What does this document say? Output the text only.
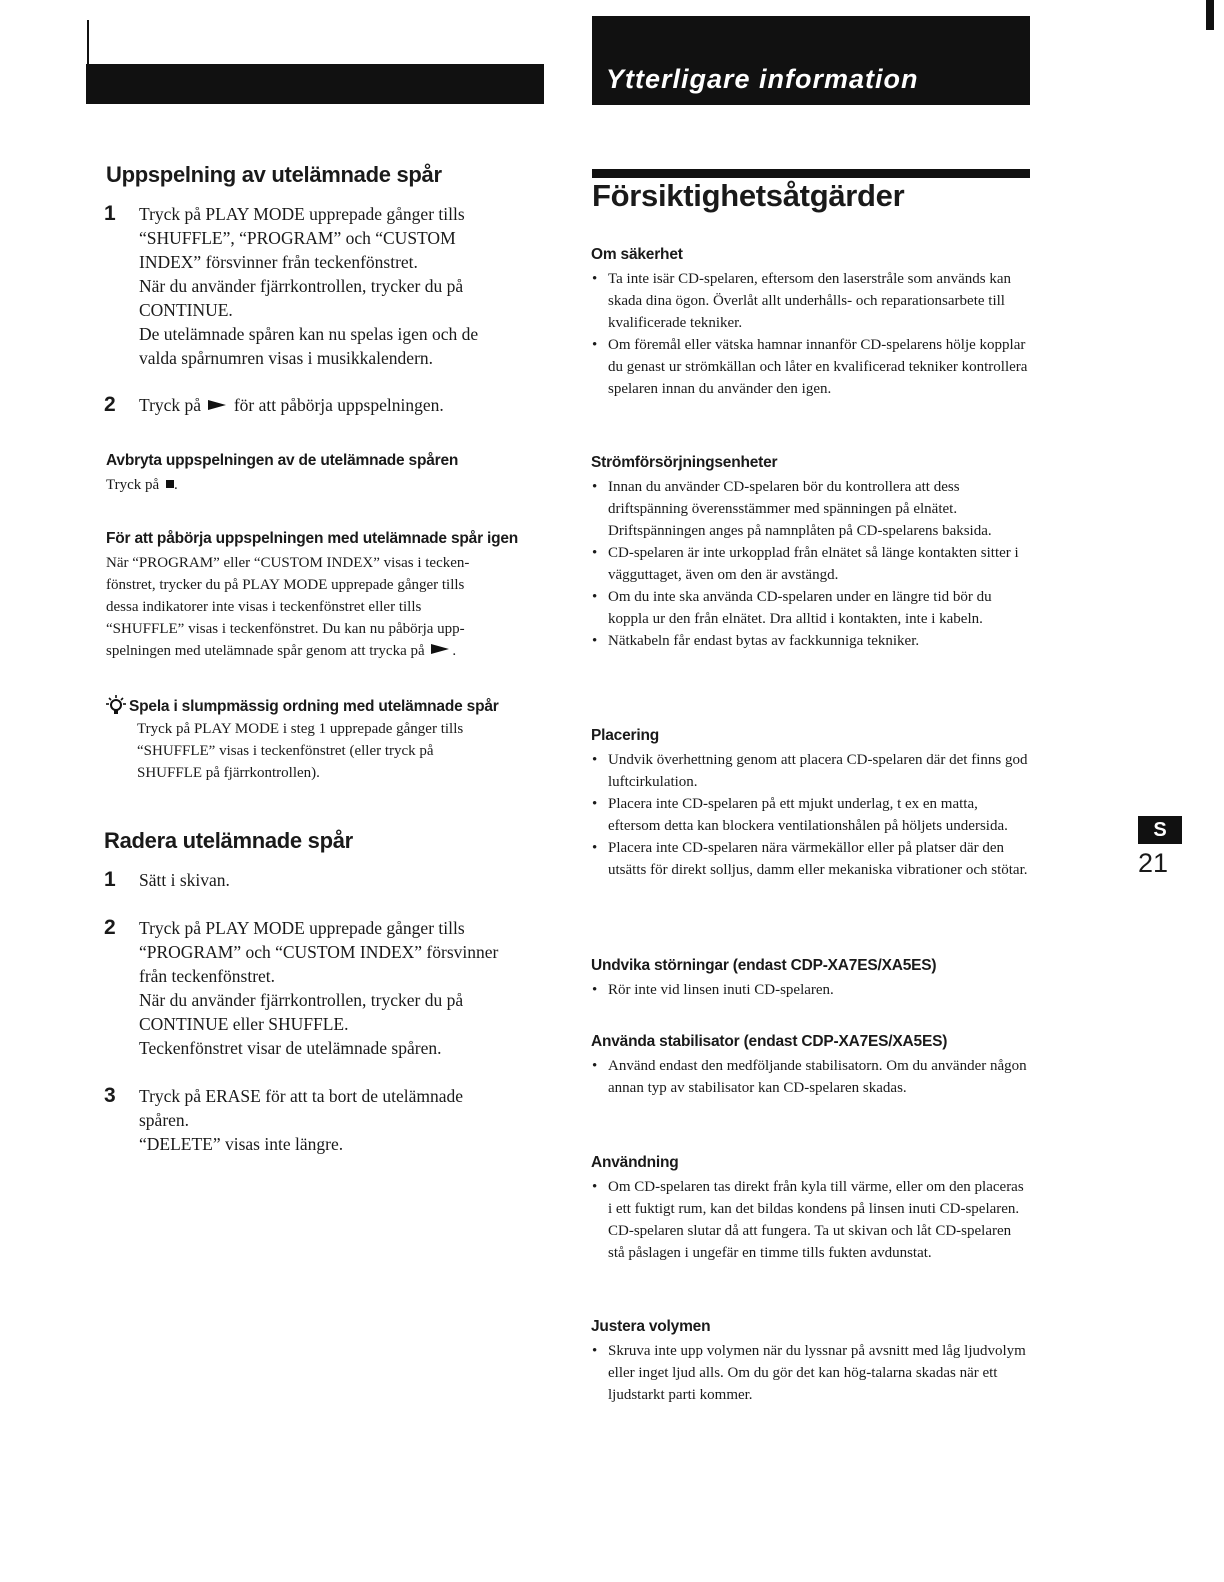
Ytterligare information
Uppspelning av utelämnade spår
1 Tryck på PLAY MODE upprepade gånger tills

“SHUFFLE”, “PROGRAM” och “CUSTOM

INDEX” försvinner från teckenfönstret.

När du använder fjärrkontrollen, trycker du på

CONTINUE.

De utelämnade spåren kan nu spelas igen och de

valda spårnumren visas i musikkalendern.

2 Tryck på för att påbörja uppspelningen.
Avbryta uppspelningen av de utelämnade spåren
Tryck på .
För att påbörja uppspelningen med utelämnade spår igen

När “PROGRAM” eller “CUSTOM INDEX” visas i tecken-

fönstret, trycker du på PLAY MODE upprepade gånger tills

dessa indikatorer inte visas i teckenfönstret eller tills

“SHUFFLE” visas i teckenfönstret. Du kan nu påbörja upp-

spelningen med utelämnade spår genom att trycka på .
Spela i slumpmässig ordning med utelämnade spår

Tryck på PLAY MODE i steg 1 upprepade gånger tills

“SHUFFLE” visas i teckenfönstret (eller tryck på

SHUFFLE på fjärrkontrollen).

Radera utelämnade spår
1 Sätt i skivan.
2 Tryck på PLAY MODE upprepade gånger tills

“PROGRAM” och “CUSTOM INDEX” försvinner

från teckenfönstret.

När du använder fjärrkontrollen, trycker du på

CONTINUE eller SHUFFLE.

Teckenfönstret visar de utelämnade spåren.

3 Tryck på ERASE för att ta bort de utelämnade

spåren.

“DELETE” visas inte längre.

Försiktighetsåtgärder
Om säkerhet
• Ta inte isär CD-spelaren, eftersom den laserstråle som används kan skada dina ögon. Överlåt allt underhålls- och reparationsarbete till kvalificerade tekniker.
• Om föremål eller vätska hamnar innanför CD-spelarens hölje kopplar du genast ur strömkällan och låter en kvalificerad tekniker kontrollera spelaren innan du använder den igen.
Strömförsörjningsenheter
• Innan du använder CD-spelaren bör du kontrollera att dess driftspänning överensstämmer med spänningen på elnätet. Driftspänningen anges på namnplåten på CD-spelarens baksida.
• CD-spelaren är inte urkopplad från elnätet så länge kontakten sitter i vägguttaget, även om den är avstängd.
• Om du inte ska använda CD-spelaren under en längre tid bör du koppla ur den från elnätet. Dra alltid i kontakten, inte i kabeln.
• Nätkabeln får endast bytas av fackkunniga tekniker.
Placering
• Undvik överhettning genom att placera CD-spelaren där det finns god luftcirkulation.
• Placera inte CD-spelaren på ett mjukt underlag, t ex en matta, eftersom detta kan blockera ventilationshålen på höljets undersida.
• Placera inte CD-spelaren nära värmekällor eller på platser där den utsätts för direkt solljus, damm eller mekaniska vibrationer och stötar.
Undvika störningar (endast CDP-XA7ES/XA5ES)
• Rör inte vid linsen inuti CD-spelaren.
Använda stabilisator (endast CDP-XA7ES/XA5ES)
• Använd endast den medföljande stabilisatorn. Om du använder någon annan typ av stabilisator kan CD-spelaren skadas.
Användning
• Om CD-spelaren tas direkt från kyla till värme, eller om den placeras i ett fuktigt rum, kan det bildas kondens på linsen inuti CD-spelaren. CD-spelaren slutar då att fungera. Ta ut skivan och låt CD-spelaren stå påslagen i ungefär en timme tills fukten avdunstat.
Justera volymen
• Skruva inte upp volymen när du lyssnar på avsnitt med låg ljudvolym eller inget ljud alls. Om du gör det kan hög-talarna skadas när ett ljudstarkt parti kommer.
S
21
